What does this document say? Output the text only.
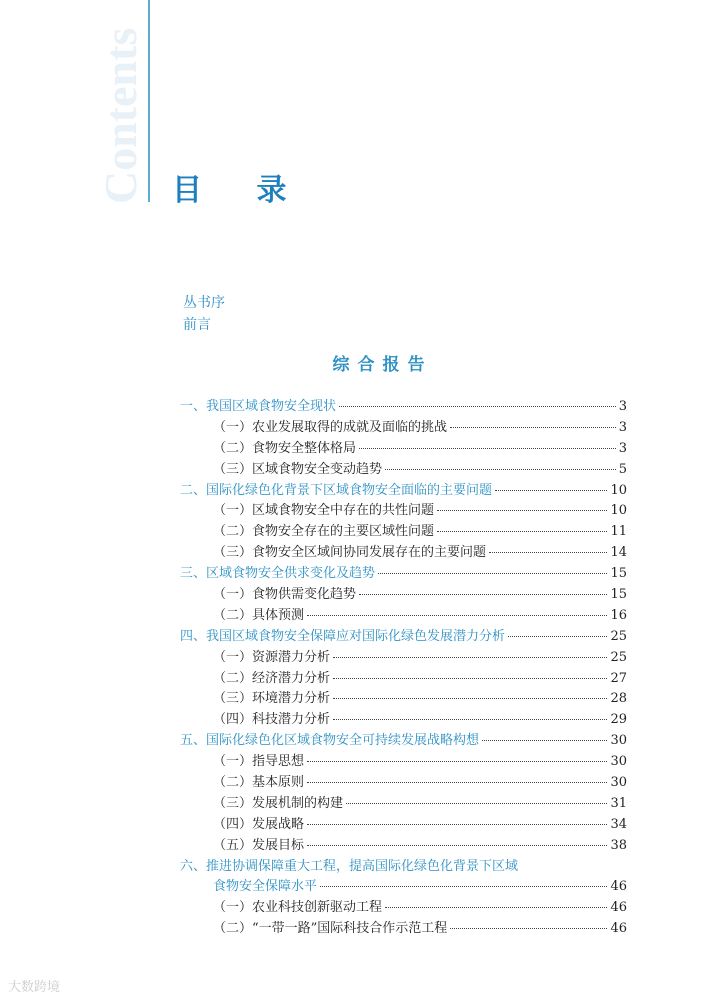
Contents 目 录
丛书序
前言
综合报告
一、我国区域食物安全现状	3
（一）农业发展取得的成就及面临的挑战	3
（二）食物安全整体格局	3
（三）区域食物安全变动趋势	5
二、国际化绿色化背景下区域食物安全面临的主要问题	10
（一）区域食物安全中存在的共性问题	10
（二）食物安全存在的主要区域性问题	11
（三）食物安全区域间协同发展存在的主要问题	14
三、区域食物安全供求变化及趋势	15
（一）食物供需变化趋势	15
（二）具体预测	16
四、我国区域食物安全保障应对国际化绿色发展潜力分析	25
（一）资源潜力分析	25
（二）经济潜力分析	27
（三）环境潜力分析	28
（四）科技潜力分析	29
五、国际化绿色化区域食物安全可持续发展战略构想	30
（一）指导思想	30
（二）基本原则	30
（三）发展机制的构建	31
（四）发展战略	34
（五）发展目标	38
六、推进协调保障重大工程，提高国际化绿色化背景下区域
食物安全保障水平	46
（一）农业科技创新驱动工程	46
（二）“一带一路”国际科技合作示范工程	46
大数跨境
